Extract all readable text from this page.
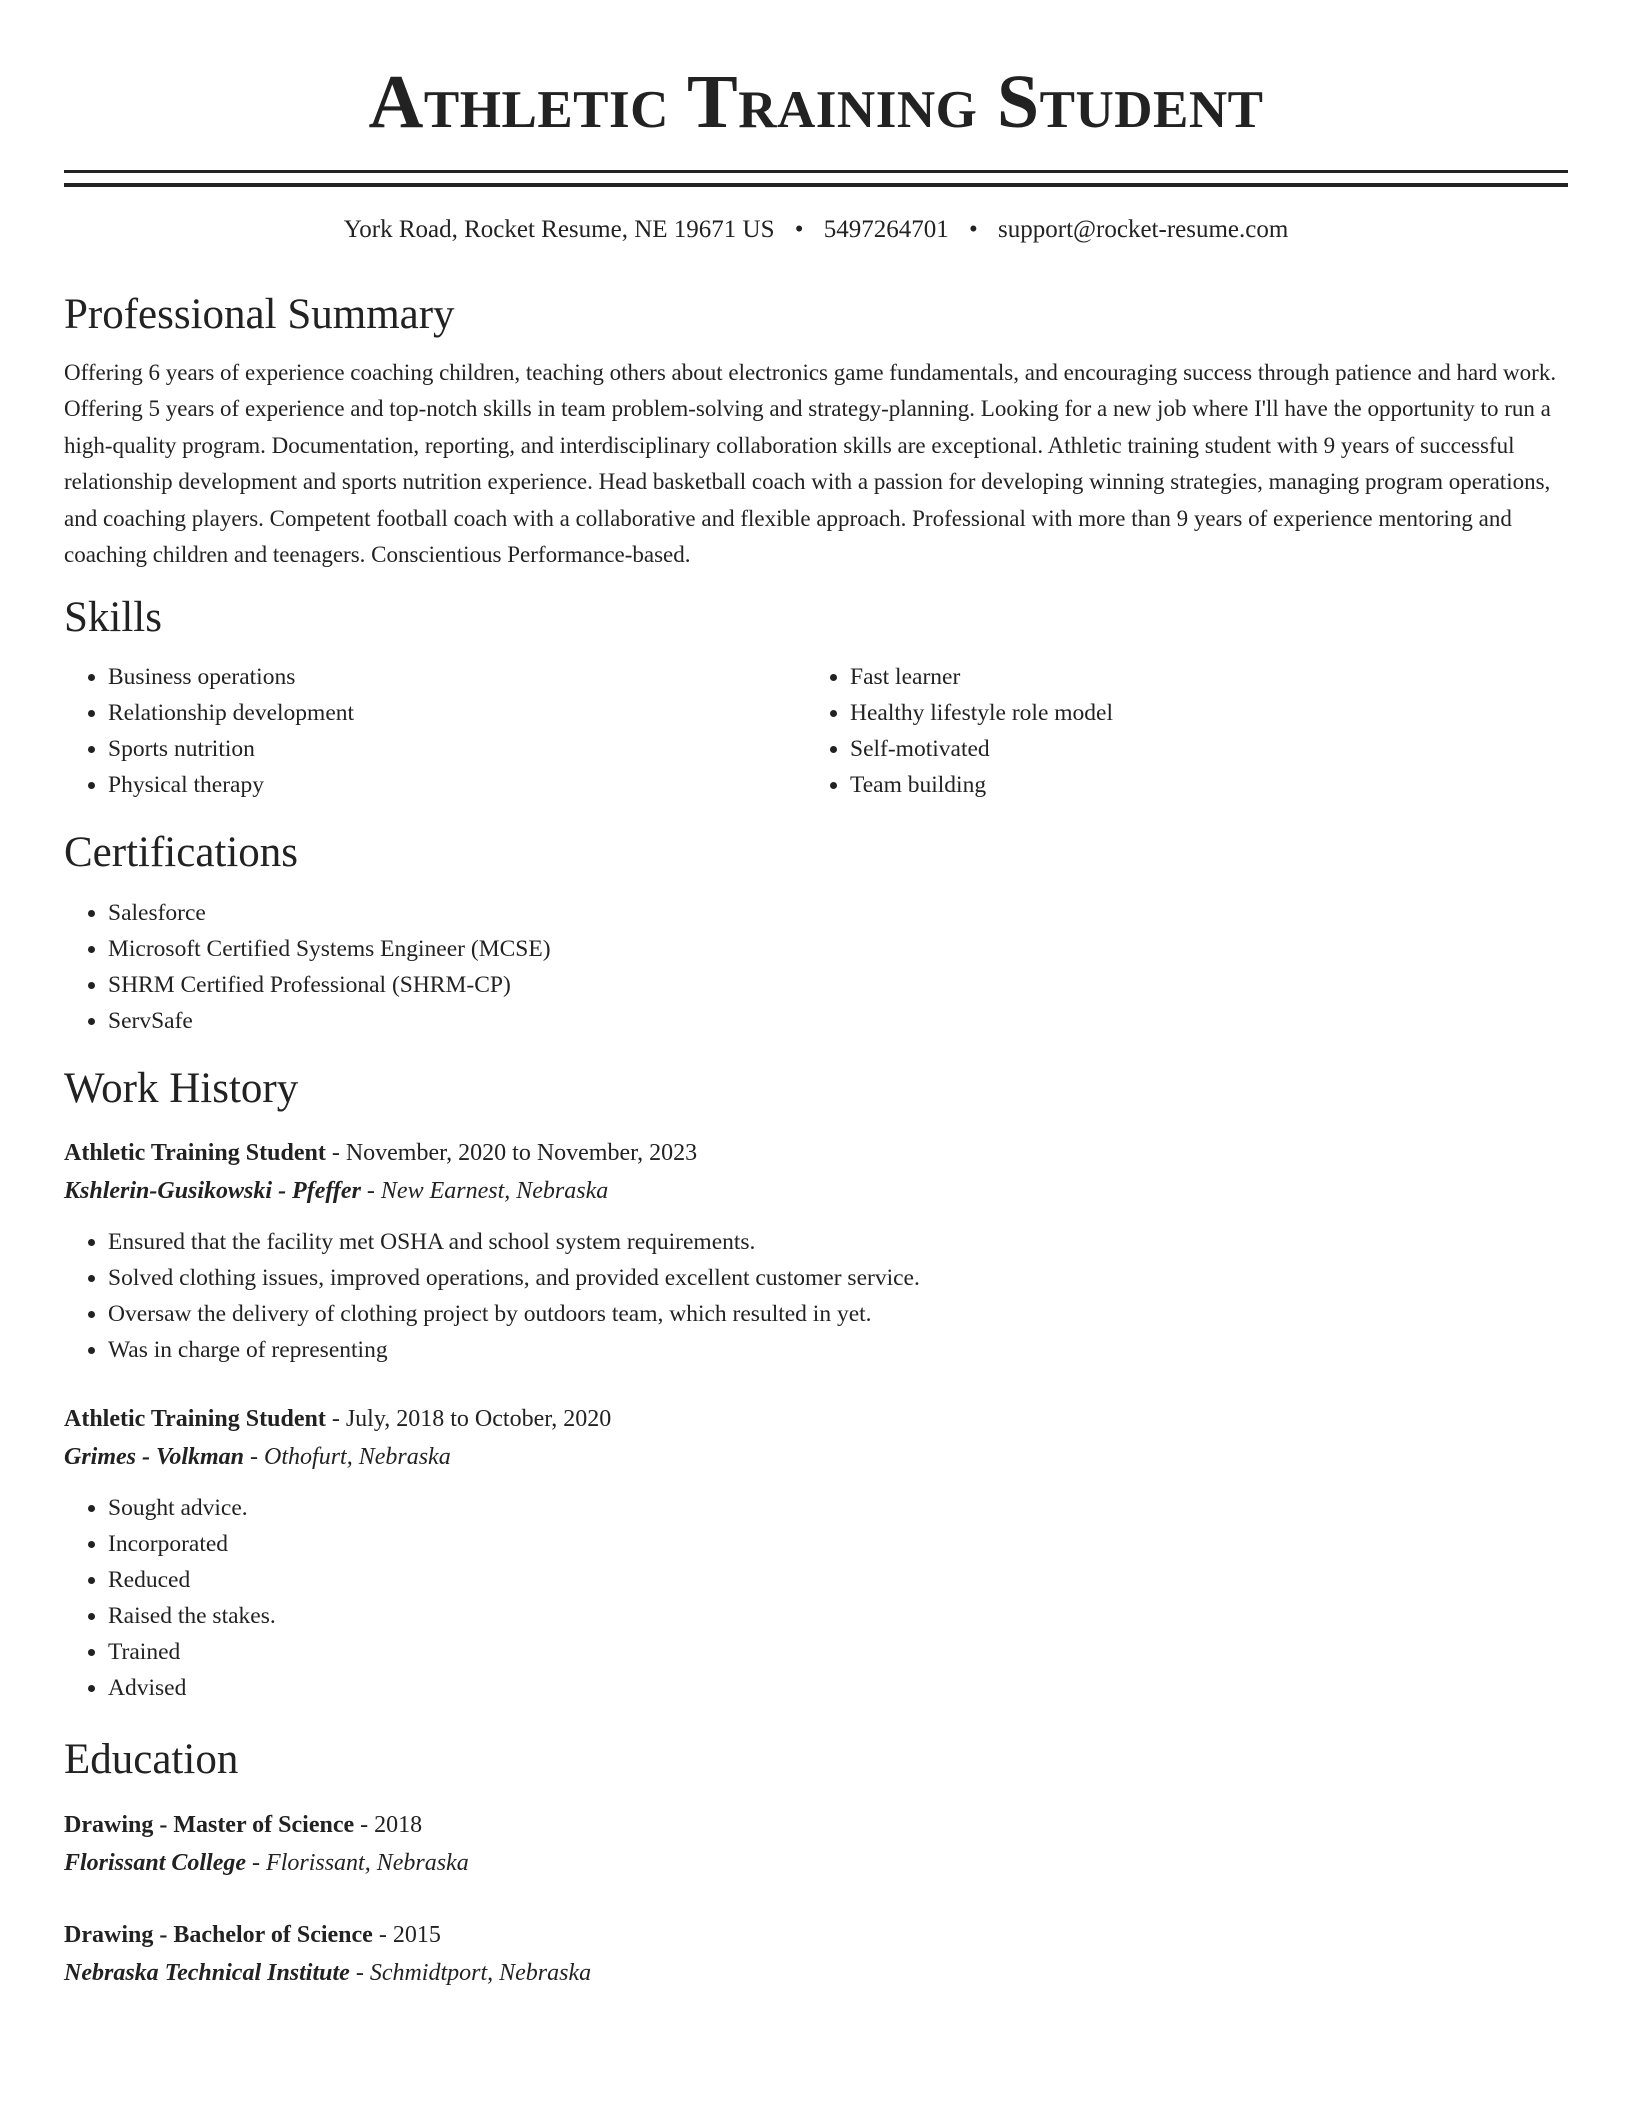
Athletic Training Student
York Road, Rocket Resume, NE 19671 US • 5497264701 • support@rocket-resume.com
Professional Summary
Offering 6 years of experience coaching children, teaching others about electronics game fundamentals, and encouraging success through patience and hard work. Offering 5 years of experience and top-notch skills in team problem-solving and strategy-planning. Looking for a new job where I'll have the opportunity to run a high-quality program. Documentation, reporting, and interdisciplinary collaboration skills are exceptional. Athletic training student with 9 years of successful relationship development and sports nutrition experience. Head basketball coach with a passion for developing winning strategies, managing program operations, and coaching players. Competent football coach with a collaborative and flexible approach. Professional with more than 9 years of experience mentoring and coaching children and teenagers. Conscientious Performance-based.
Skills
• Business operations
• Relationship development
• Sports nutrition
• Physical therapy
• Fast learner
• Healthy lifestyle role model
• Self-motivated
• Team building
Certifications
• Salesforce
• Microsoft Certified Systems Engineer (MCSE)
• SHRM Certified Professional (SHRM-CP)
• ServSafe
Work History
Athletic Training Student - November, 2020 to November, 2023
Kshlerin-Gusikowski - Pfeffer - New Earnest, Nebraska
• Ensured that the facility met OSHA and school system requirements.
• Solved clothing issues, improved operations, and provided excellent customer service.
• Oversaw the delivery of clothing project by outdoors team, which resulted in yet.
• Was in charge of representing
Athletic Training Student - July, 2018 to October, 2020
Grimes - Volkman - Othofurt, Nebraska
• Sought advice.
• Incorporated
• Reduced
• Raised the stakes.
• Trained
• Advised
Education
Drawing - Master of Science - 2018
Florissant College - Florissant, Nebraska
Drawing - Bachelor of Science - 2015
Nebraska Technical Institute - Schmidtport, Nebraska
